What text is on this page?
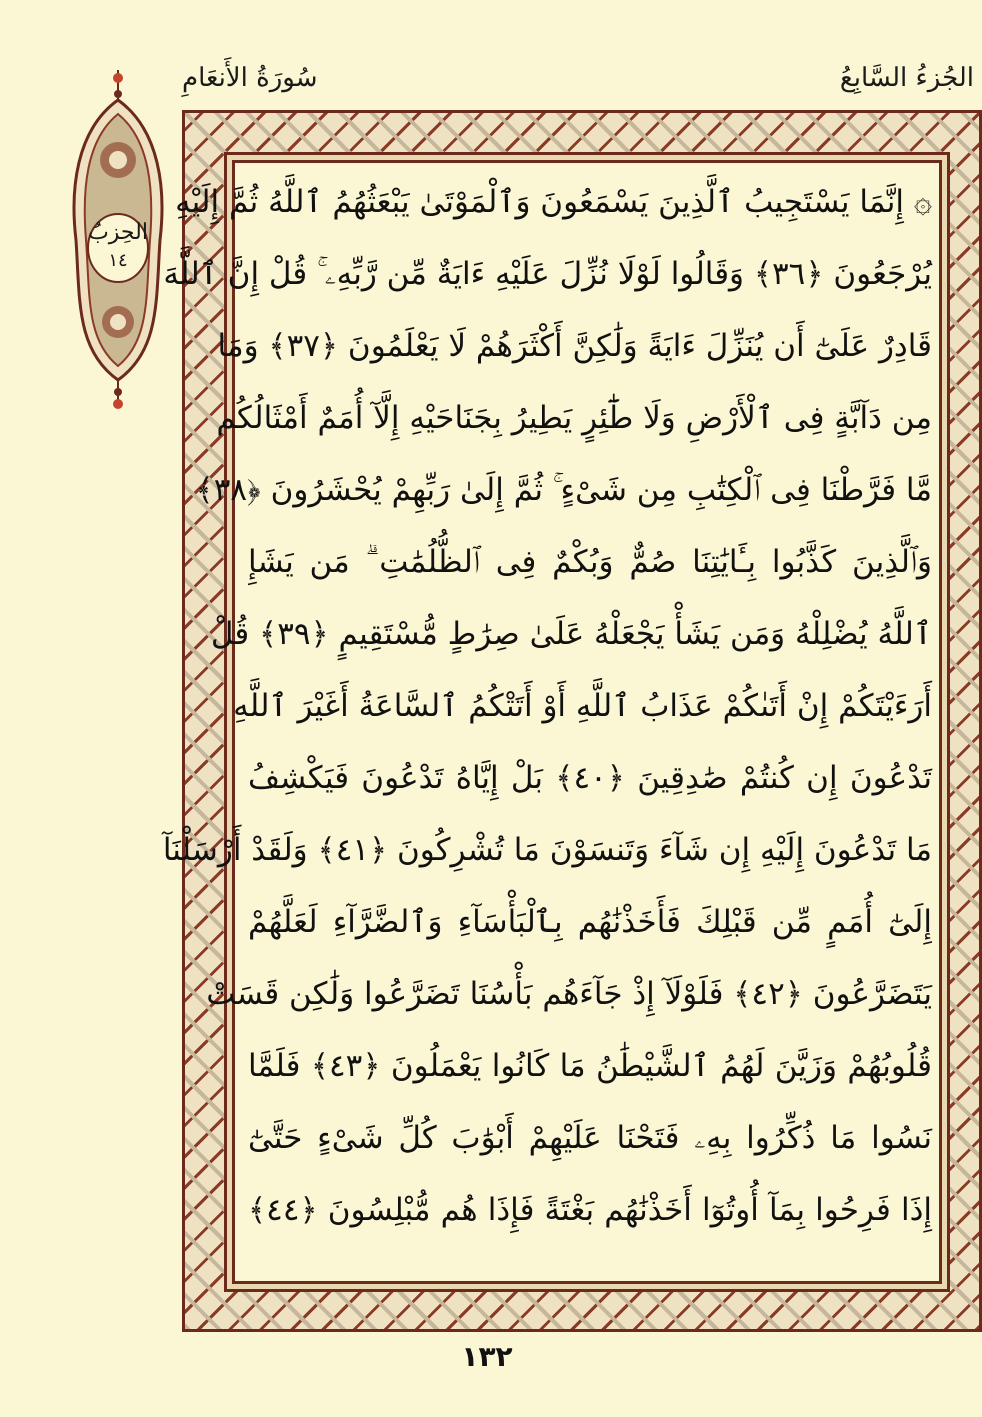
الجُزءُ السَّابِعُ
سُورَةُ الأَنعَامِ
الحِزبُ
١٤
۞ إِنَّمَا يَسْتَجِيبُ ٱلَّذِينَ يَسْمَعُونَ وَٱلْمَوْتَىٰ يَبْعَثُهُمُ ٱللَّهُ ثُمَّ إِلَيْهِ
يُرْجَعُونَ ﴿٣٦﴾ وَقَالُوا لَوْلَا نُزِّلَ عَلَيْهِ ءَايَةٌ مِّن رَّبِّهِۦ ۚ قُلْ إِنَّ ٱللَّهَ
قَادِرٌ عَلَىٰٓ أَن يُنَزِّلَ ءَايَةً وَلَٰكِنَّ أَكْثَرَهُمْ لَا يَعْلَمُونَ ﴿٣٧﴾ وَمَا
مِن دَآبَّةٍ فِى ٱلْأَرْضِ وَلَا طَٰٓئِرٍ يَطِيرُ بِجَنَاحَيْهِ إِلَّآ أُمَمٌ أَمْثَالُكُم
مَّا فَرَّطْنَا فِى ٱلْكِتَٰبِ مِن شَىْءٍ ۚ ثُمَّ إِلَىٰ رَبِّهِمْ يُحْشَرُونَ ﴿٣٨﴾
وَٱلَّذِينَ كَذَّبُوا بِـَٔايَٰتِنَا صُمٌّ وَبُكْمٌ فِى ٱلظُّلُمَٰتِ ۗ مَن يَشَإِ
ٱللَّهُ يُضْلِلْهُ وَمَن يَشَأْ يَجْعَلْهُ عَلَىٰ صِرَٰطٍ مُّسْتَقِيمٍ ﴿٣٩﴾ قُلْ
أَرَءَيْتَكُمْ إِنْ أَتَىٰكُمْ عَذَابُ ٱللَّهِ أَوْ أَتَتْكُمُ ٱلسَّاعَةُ أَغَيْرَ ٱللَّهِ
تَدْعُونَ إِن كُنتُمْ صَٰدِقِينَ ﴿٤٠﴾ بَلْ إِيَّاهُ تَدْعُونَ فَيَكْشِفُ
مَا تَدْعُونَ إِلَيْهِ إِن شَآءَ وَتَنسَوْنَ مَا تُشْرِكُونَ ﴿٤١﴾ وَلَقَدْ أَرْسَلْنَآ
إِلَىٰٓ أُمَمٍ مِّن قَبْلِكَ فَأَخَذْنَٰهُم بِٱلْبَأْسَآءِ وَٱلضَّرَّآءِ لَعَلَّهُمْ
يَتَضَرَّعُونَ ﴿٤٢﴾ فَلَوْلَآ إِذْ جَآءَهُم بَأْسُنَا تَضَرَّعُوا وَلَٰكِن قَسَتْ
قُلُوبُهُمْ وَزَيَّنَ لَهُمُ ٱلشَّيْطَٰنُ مَا كَانُوا يَعْمَلُونَ ﴿٤٣﴾ فَلَمَّا
نَسُوا مَا ذُكِّرُوا بِهِۦ فَتَحْنَا عَلَيْهِمْ أَبْوَٰبَ كُلِّ شَىْءٍ حَتَّىٰٓ
إِذَا فَرِحُوا بِمَآ أُوتُوٓا أَخَذْنَٰهُم بَغْتَةً فَإِذَا هُم مُّبْلِسُونَ ﴿٤٤﴾
١٣٢
